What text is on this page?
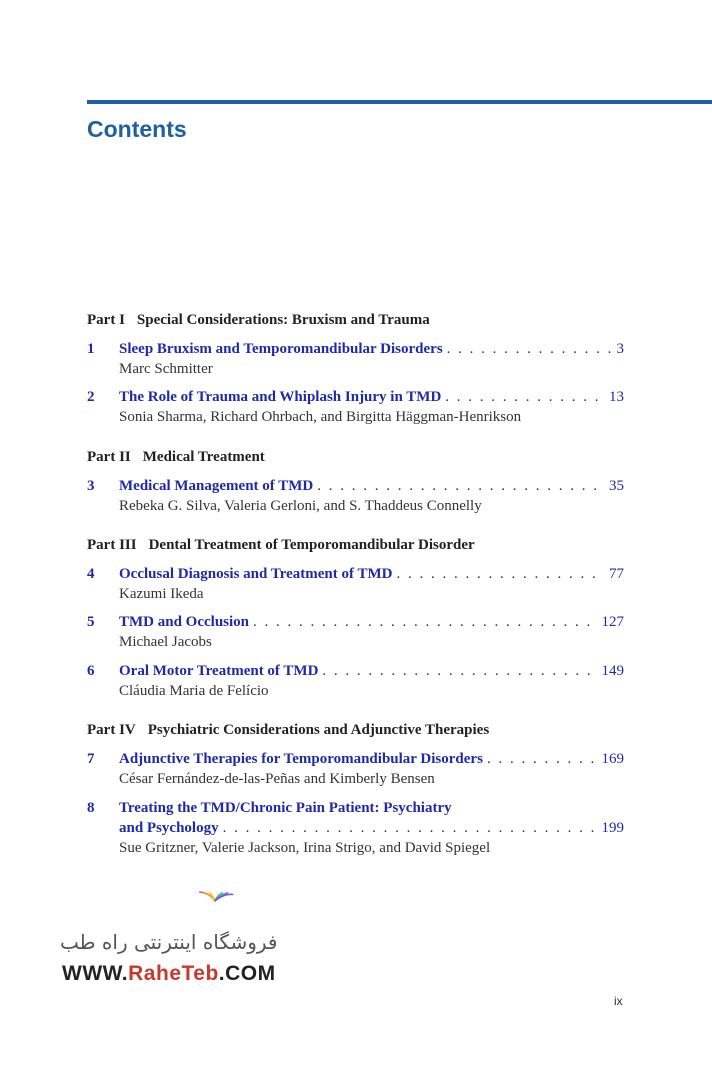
Contents
Part I Special Considerations: Bruxism and Trauma
1 Sleep Bruxism and Temporomandibular Disorders . . .	3
Marc Schmitter
2 The Role of Trauma and Whiplash Injury in TMD . . .	13
Sonia Sharma, Richard Ohrbach, and Birgitta Häggman-Henrikson
Part II Medical Treatment
3 Medical Management of TMD . . .	35
Rebeka G. Silva, Valeria Gerloni, and S. Thaddeus Connelly
Part III Dental Treatment of Temporomandibular Disorder
4 Occlusal Diagnosis and Treatment of TMD . . .	77
Kazumi Ikeda
5 TMD and Occlusion . . .	127
Michael Jacobs
6 Oral Motor Treatment of TMD . . .	149
Cláudia Maria de Felício
Part IV Psychiatric Considerations and Adjunctive Therapies
7 Adjunctive Therapies for Temporomandibular Disorders . . .	169
César Fernández-de-las-Peñas and Kimberly Bensen
8 Treating the TMD/Chronic Pain Patient: Psychiatry
and Psychology . . .	199
Sue Gritzner, Valerie Jackson, Irina Strigo, and David Spiegel
فروشگاه اینترنتی راه طب
WWW.RaheTeb.COM
ix
